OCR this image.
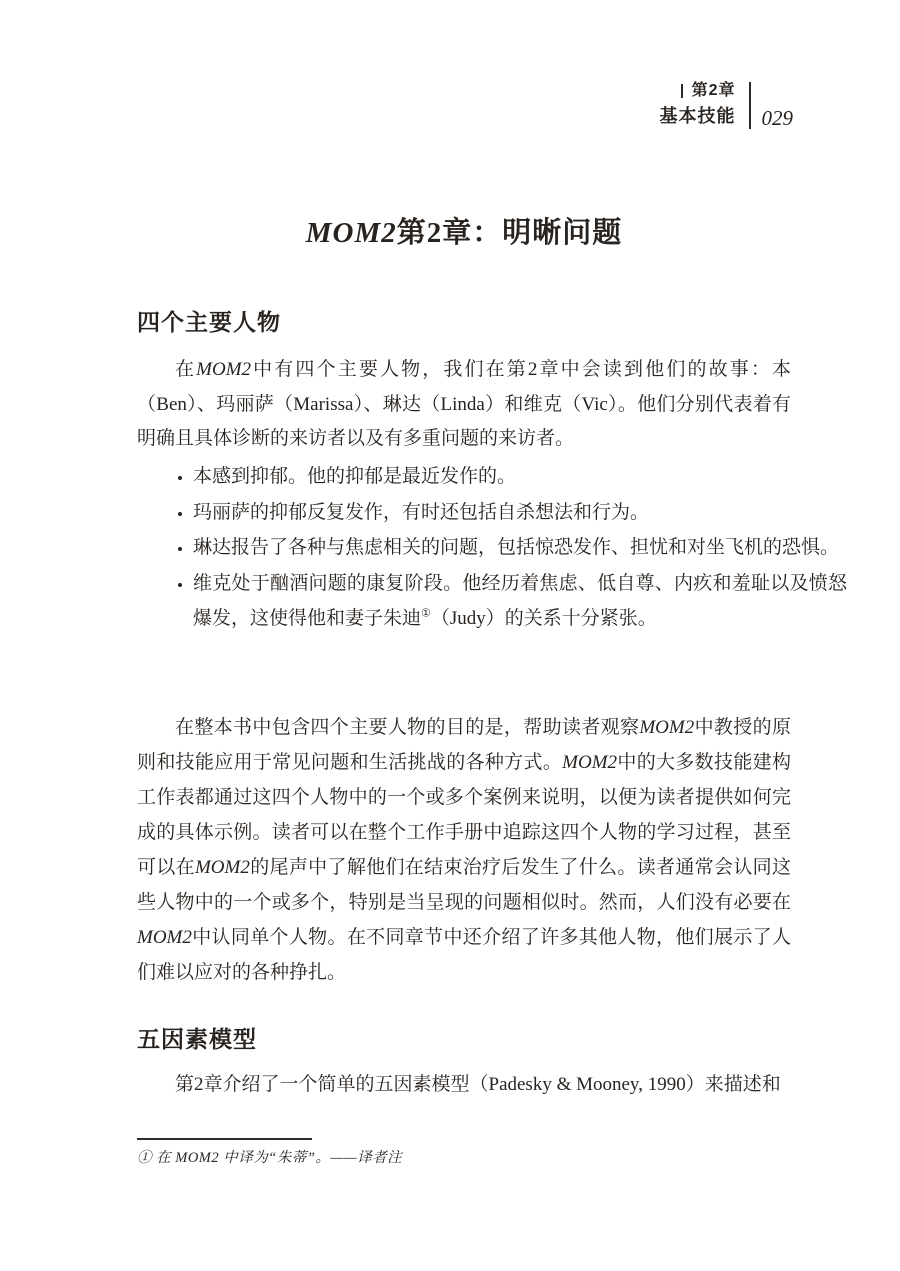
第2章
基本技能 029
MOM2第2章：明晰问题
四个主要人物

在MOM2中有四个主要人物，我们在第2章中会读到他们的故事：本（Ben）、玛丽萨（Marissa）、琳达（Linda）和维克（Vic）。他们分别代表着有明确且具体诊断的来访者以及有多重问题的来访者。

• 本感到抑郁。他的抑郁是最近发作的。
• 玛丽萨的抑郁反复发作，有时还包括自杀想法和行为。
• 琳达报告了各种与焦虑相关的问题，包括惊恐发作、担忧和对坐飞机的恐惧。
• 维克处于酗酒问题的康复阶段。他经历着焦虑、低自尊、内疚和羞耻以及愤怒爆发，这使得他和妻子朱迪①（Judy）的关系十分紧张。

在整本书中包含四个主要人物的目的是，帮助读者观察MOM2中教授的原则和技能应用于常见问题和生活挑战的各种方式。MOM2中的大多数技能建构工作表都通过这四个人物中的一个或多个案例来说明，以便为读者提供如何完成的具体示例。读者可以在整个工作手册中追踪这四个人物的学习过程，甚至可以在MOM2的尾声中了解他们在结束治疗后发生了什么。读者通常会认同这些人物中的一个或多个，特别是当呈现的问题相似时。然而，人们没有必要在MOM2中认同单个人物。在不同章节中还介绍了许多其他人物，他们展示了人们难以应对的各种挣扎。

五因素模型

第2章介绍了一个简单的五因素模型（Padesky & Mooney, 1990）来描述和

① 在 MOM2 中译为“朱蒂”。——译者注
